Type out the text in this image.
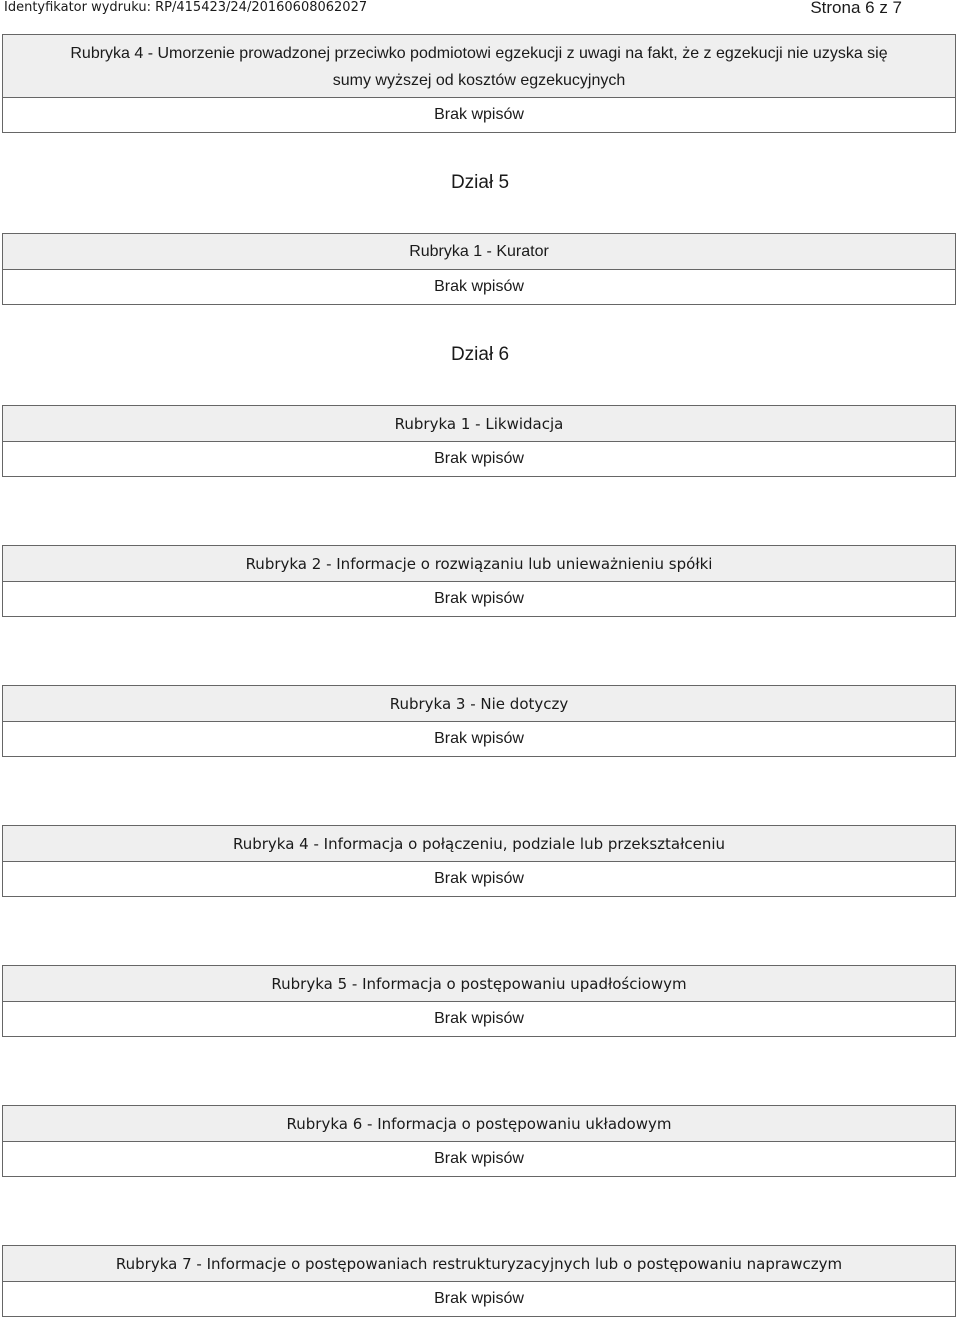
Identyfikator wydruku: RP/415423/24/20160608062027	Strona 6 z 7
Rubryka 4 - Umorzenie prowadzonej przeciwko podmiotowi egzekucji z uwagi na fakt, że z egzekucji nie uzyska się
sumy wyższej od kosztów egzekucyjnych
Brak wpisów
Dział 5
Rubryka 1 - Kurator
Brak wpisów
Dział 6
Rubryka 1 - Likwidacja
Brak wpisów
Rubryka 2 - Informacje o rozwiązaniu lub unieważnieniu spółki
Brak wpisów
Rubryka 3 - Nie dotyczy
Brak wpisów
Rubryka 4 - Informacja o połączeniu, podziale lub przekształceniu
Brak wpisów
Rubryka 5 - Informacja o postępowaniu upadłościowym
Brak wpisów
Rubryka 6 - Informacja o postępowaniu układowym
Brak wpisów
Rubryka 7 - Informacje o postępowaniach restrukturyzacyjnych lub o postępowaniu naprawczym
Brak wpisów
